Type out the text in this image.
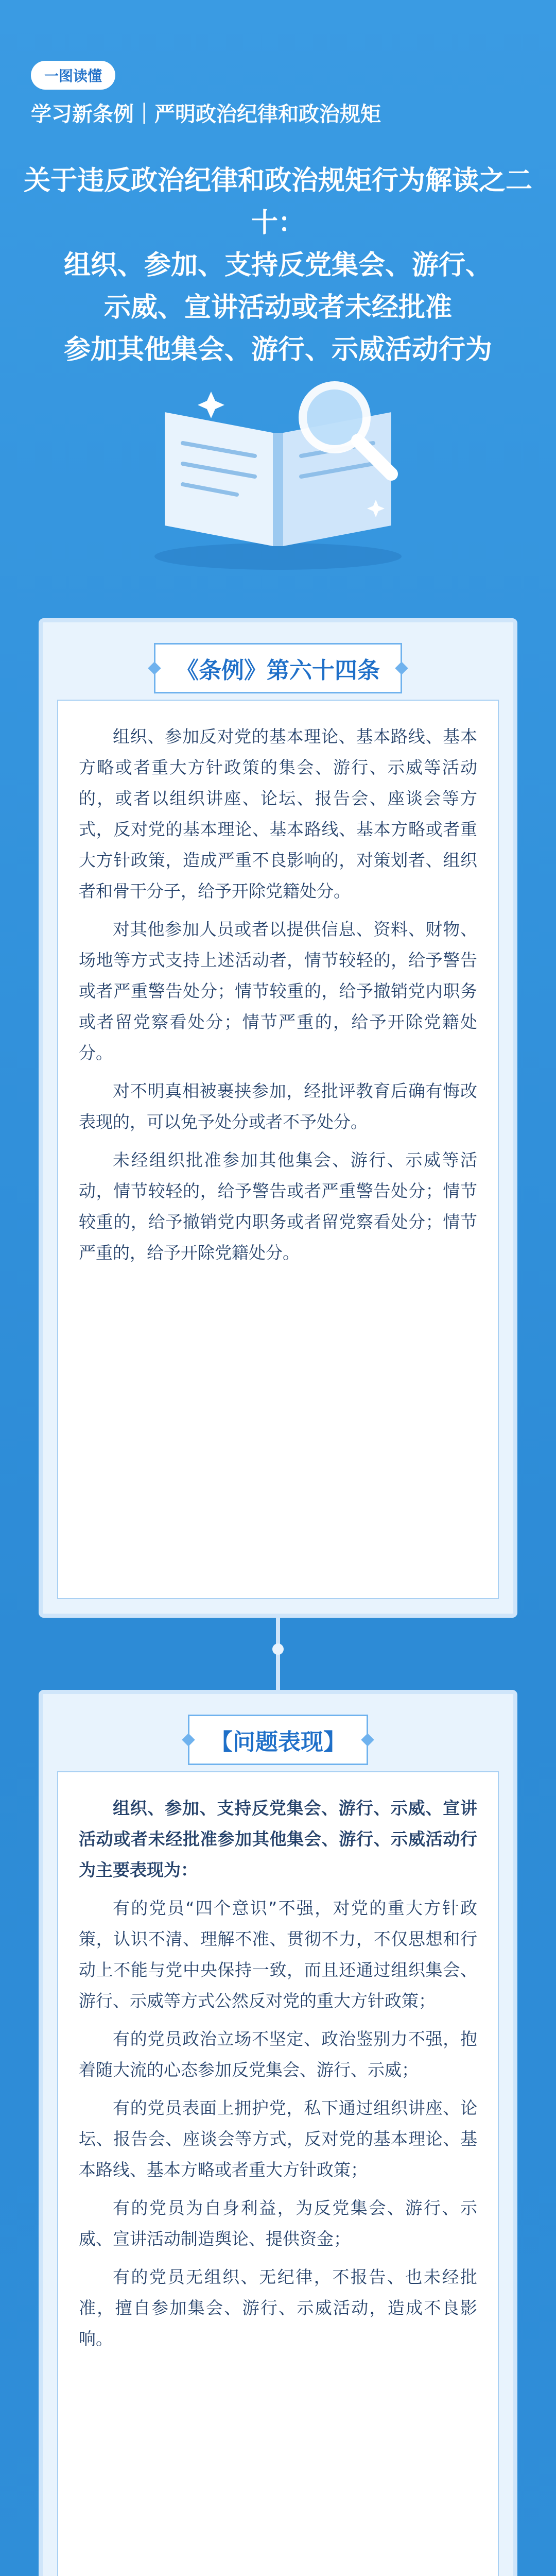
一图读懂
学习新条例｜严明政治纪律和政治规矩
关于违反政治纪律和政治规矩行为解读之二十：
组织、参加、支持反党集会、游行、
示威、宣讲活动或者未经批准
参加其他集会、游行、示威活动行为
《条例》第六十四条

组织、参加反对党的基本理论、基本路线、基本方略或者重大方针政策的集会、游行、示威等活动的，或者以组织讲座、论坛、报告会、座谈会等方式，反对党的基本理论、基本路线、基本方略或者重大方针政策，造成严重不良影响的，对策划者、组织者和骨干分子，给予开除党籍处分。

对其他参加人员或者以提供信息、资料、财物、场地等方式支持上述活动者，情节较轻的，给予警告或者严重警告处分；情节较重的，给予撤销党内职务或者留党察看处分；情节严重的，给予开除党籍处分。

对不明真相被裹挟参加，经批评教育后确有悔改表现的，可以免予处分或者不予处分。

未经组织批准参加其他集会、游行、示威等活动，情节较轻的，给予警告或者严重警告处分；情节较重的，给予撤销党内职务或者留党察看处分；情节严重的，给予开除党籍处分。

【问题表现】

组织、参加、支持反党集会、游行、示威、宣讲活动或者未经批准参加其他集会、游行、示威活动行为主要表现为：

有的党员“四个意识”不强，对党的重大方针政策，认识不清、理解不准、贯彻不力，不仅思想和行动上不能与党中央保持一致，而且还通过组织集会、游行、示威等方式公然反对党的重大方针政策；

有的党员政治立场不坚定、政治鉴别力不强，抱着随大流的心态参加反党集会、游行、示威；

有的党员表面上拥护党，私下通过组织讲座、论坛、报告会、座谈会等方式，反对党的基本理论、基本路线、基本方略或者重大方针政策；

有的党员为自身利益，为反党集会、游行、示威、宣讲活动制造舆论、提供资金；

有的党员无组织、无纪律，不报告、也未经批准，擅自参加集会、游行、示威活动，造成不良影响。
